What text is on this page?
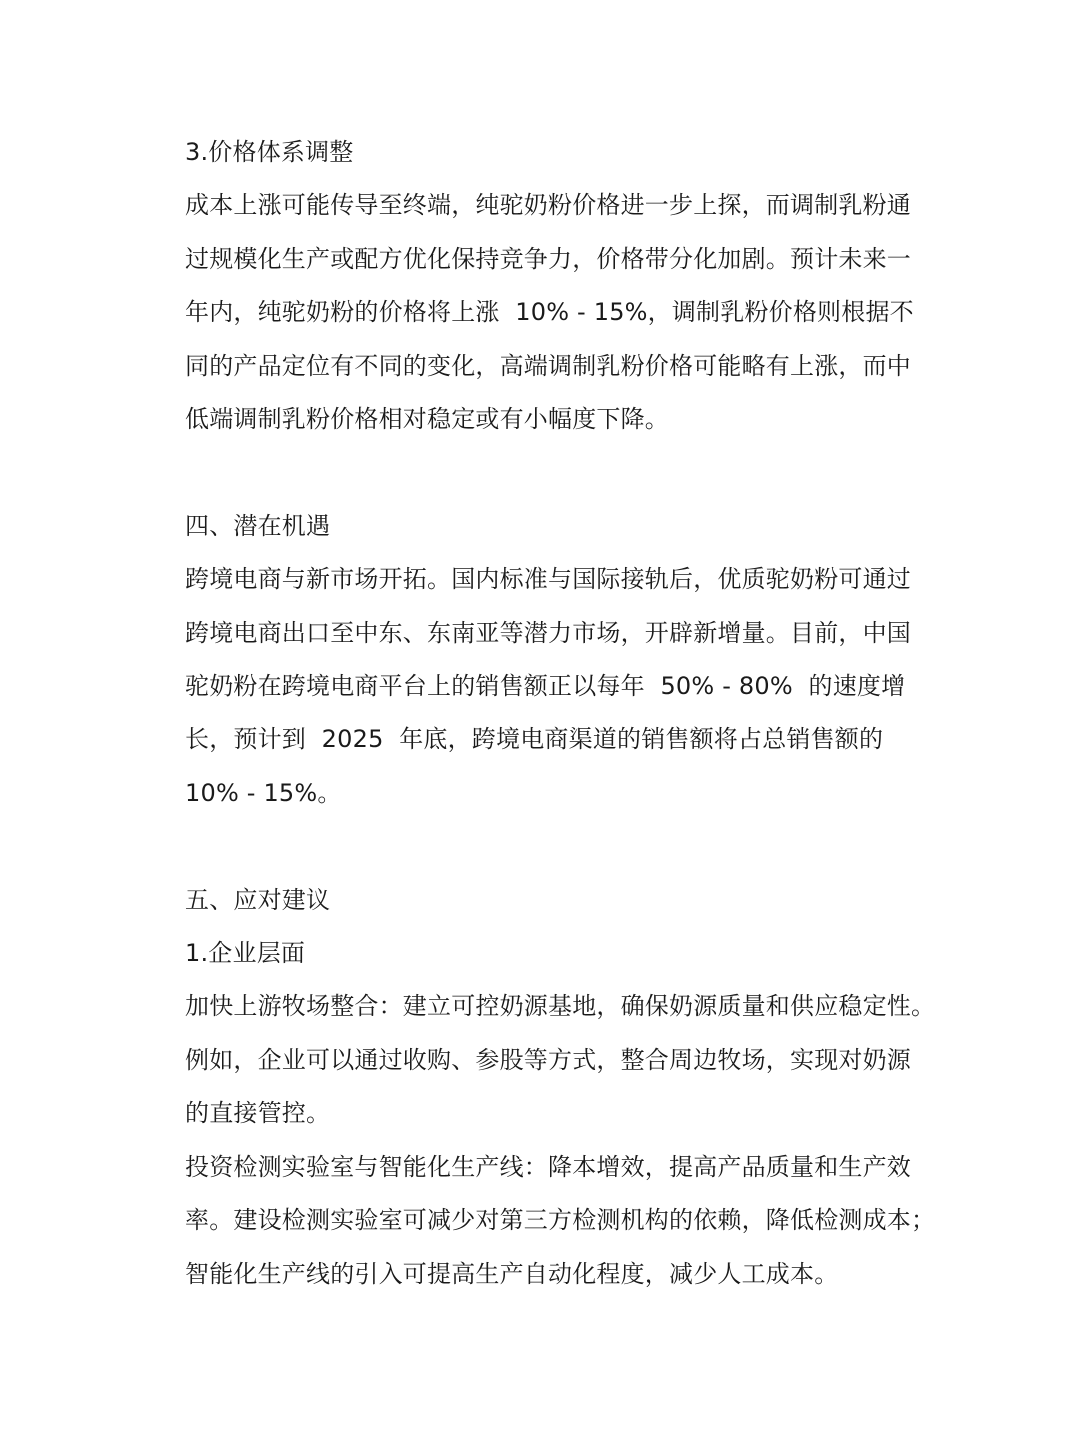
3.价格体系调整
成本上涨可能传导至终端，纯驼奶粉价格进一步上探，而调制乳粉通
过规模化生产或配方优化保持竞争力，价格带分化加剧。预计未来一
年内，纯驼奶粉的价格将上涨  10% - 15%，调制乳粉价格则根据不
同的产品定位有不同的变化，高端调制乳粉价格可能略有上涨，而中
低端调制乳粉价格相对稳定或有小幅度下降。
四、潜在机遇
跨境电商与新市场开拓。国内标准与国际接轨后，优质驼奶粉可通过
跨境电商出口至中东、东南亚等潜力市场，开辟新增量。目前，中国
驼奶粉在跨境电商平台上的销售额正以每年  50% - 80%  的速度增
长，预计到  2025  年底，跨境电商渠道的销售额将占总销售额的
10% - 15%。
五、应对建议
1.企业层面
加快上游牧场整合：建立可控奶源基地，确保奶源质量和供应稳定性。
例如，企业可以通过收购、参股等方式，整合周边牧场，实现对奶源
的直接管控。
投资检测实验室与智能化生产线：降本增效，提高产品质量和生产效
率。建设检测实验室可减少对第三方检测机构的依赖，降低检测成本；
智能化生产线的引入可提高生产自动化程度，减少人工成本。
